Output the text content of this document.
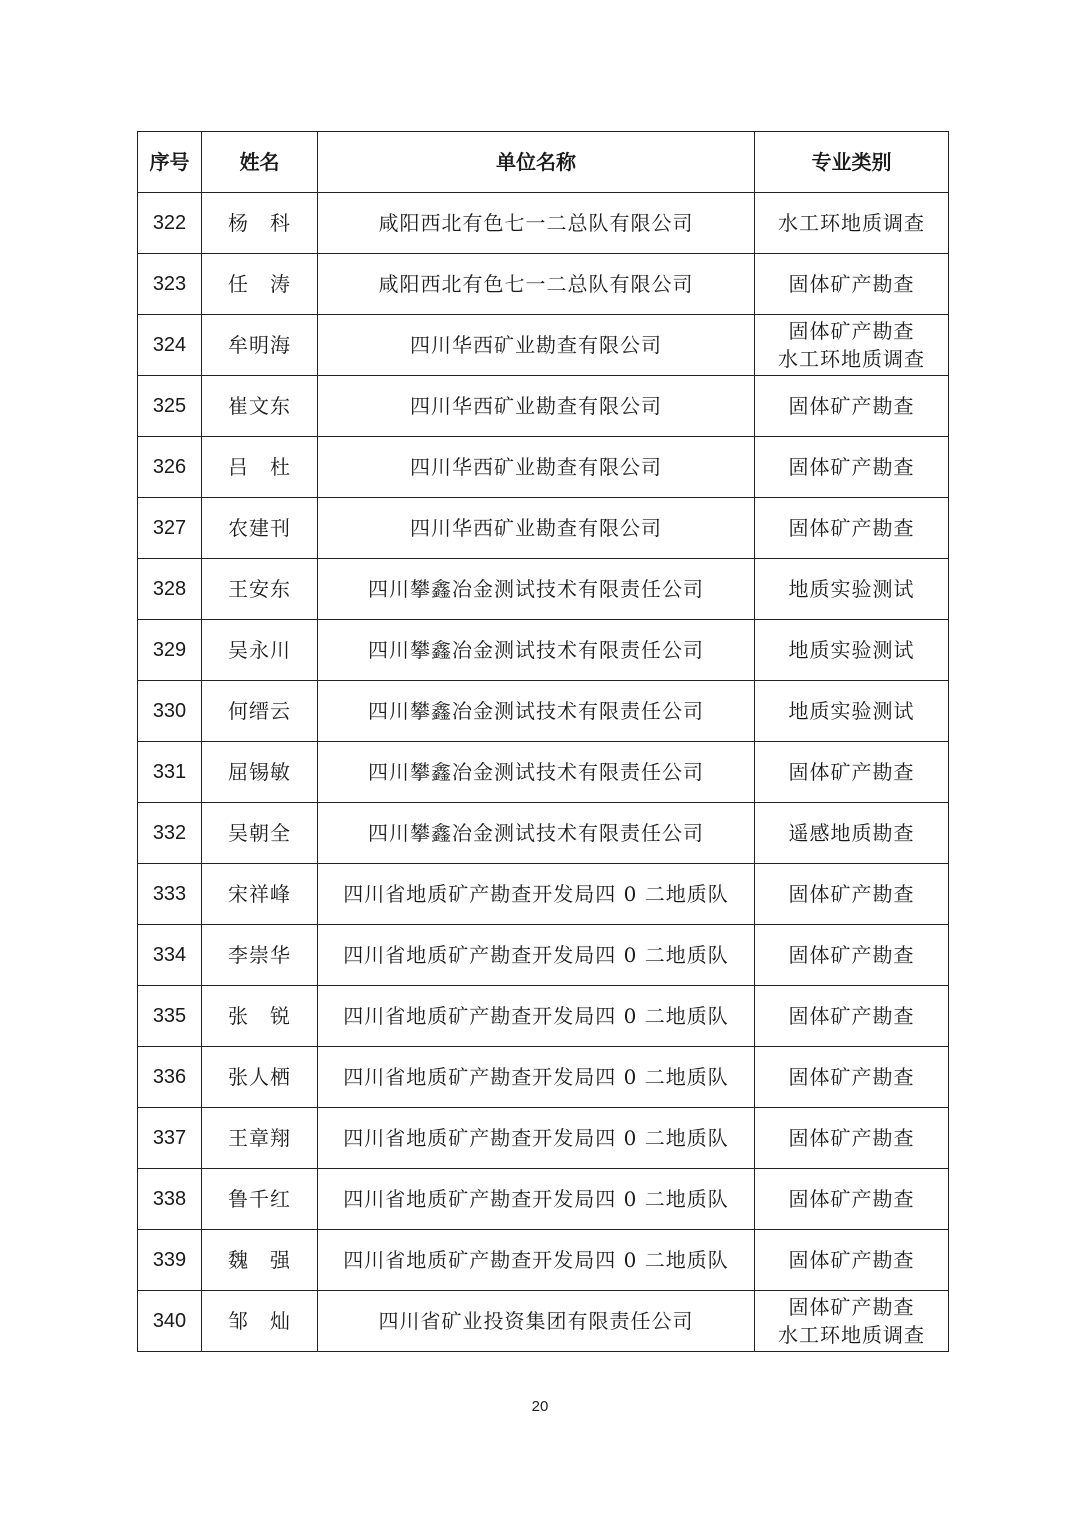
序号	姓名	单位名称	专业类别
322	杨　科	咸阳西北有色七一二总队有限公司	水工环地质调查

323	任　涛	咸阳西北有色七一二总队有限公司	固体矿产勘查

324	牟明海	四川华西矿业勘查有限公司	固体矿产勘查
水工环地质调查

325	崔文东	四川华西矿业勘查有限公司	固体矿产勘查

326	吕　杜	四川华西矿业勘查有限公司	固体矿产勘查

327	农建刊	四川华西矿业勘查有限公司	固体矿产勘查

328	王安东	四川攀鑫冶金测试技术有限责任公司	地质实验测试

329	吴永川	四川攀鑫冶金测试技术有限责任公司	地质实验测试

330	何缙云	四川攀鑫冶金测试技术有限责任公司	地质实验测试

331	屈锡敏	四川攀鑫冶金测试技术有限责任公司	固体矿产勘查

332	吴朝全	四川攀鑫冶金测试技术有限责任公司	遥感地质勘查

333	宋祥峰	四川省地质矿产勘查开发局四 0 二地质队	固体矿产勘查

334	李崇华	四川省地质矿产勘查开发局四 0 二地质队	固体矿产勘查

335	张　锐	四川省地质矿产勘查开发局四 0 二地质队	固体矿产勘查

336	张人栖	四川省地质矿产勘查开发局四 0 二地质队	固体矿产勘查

337	王章翔	四川省地质矿产勘查开发局四 0 二地质队	固体矿产勘查

338	鲁千红	四川省地质矿产勘查开发局四 0 二地质队	固体矿产勘查

339	魏　强	四川省地质矿产勘查开发局四 0 二地质队	固体矿产勘查

340	邹　灿	四川省矿业投资集团有限责任公司	固体矿产勘查
水工环地质调查
20
